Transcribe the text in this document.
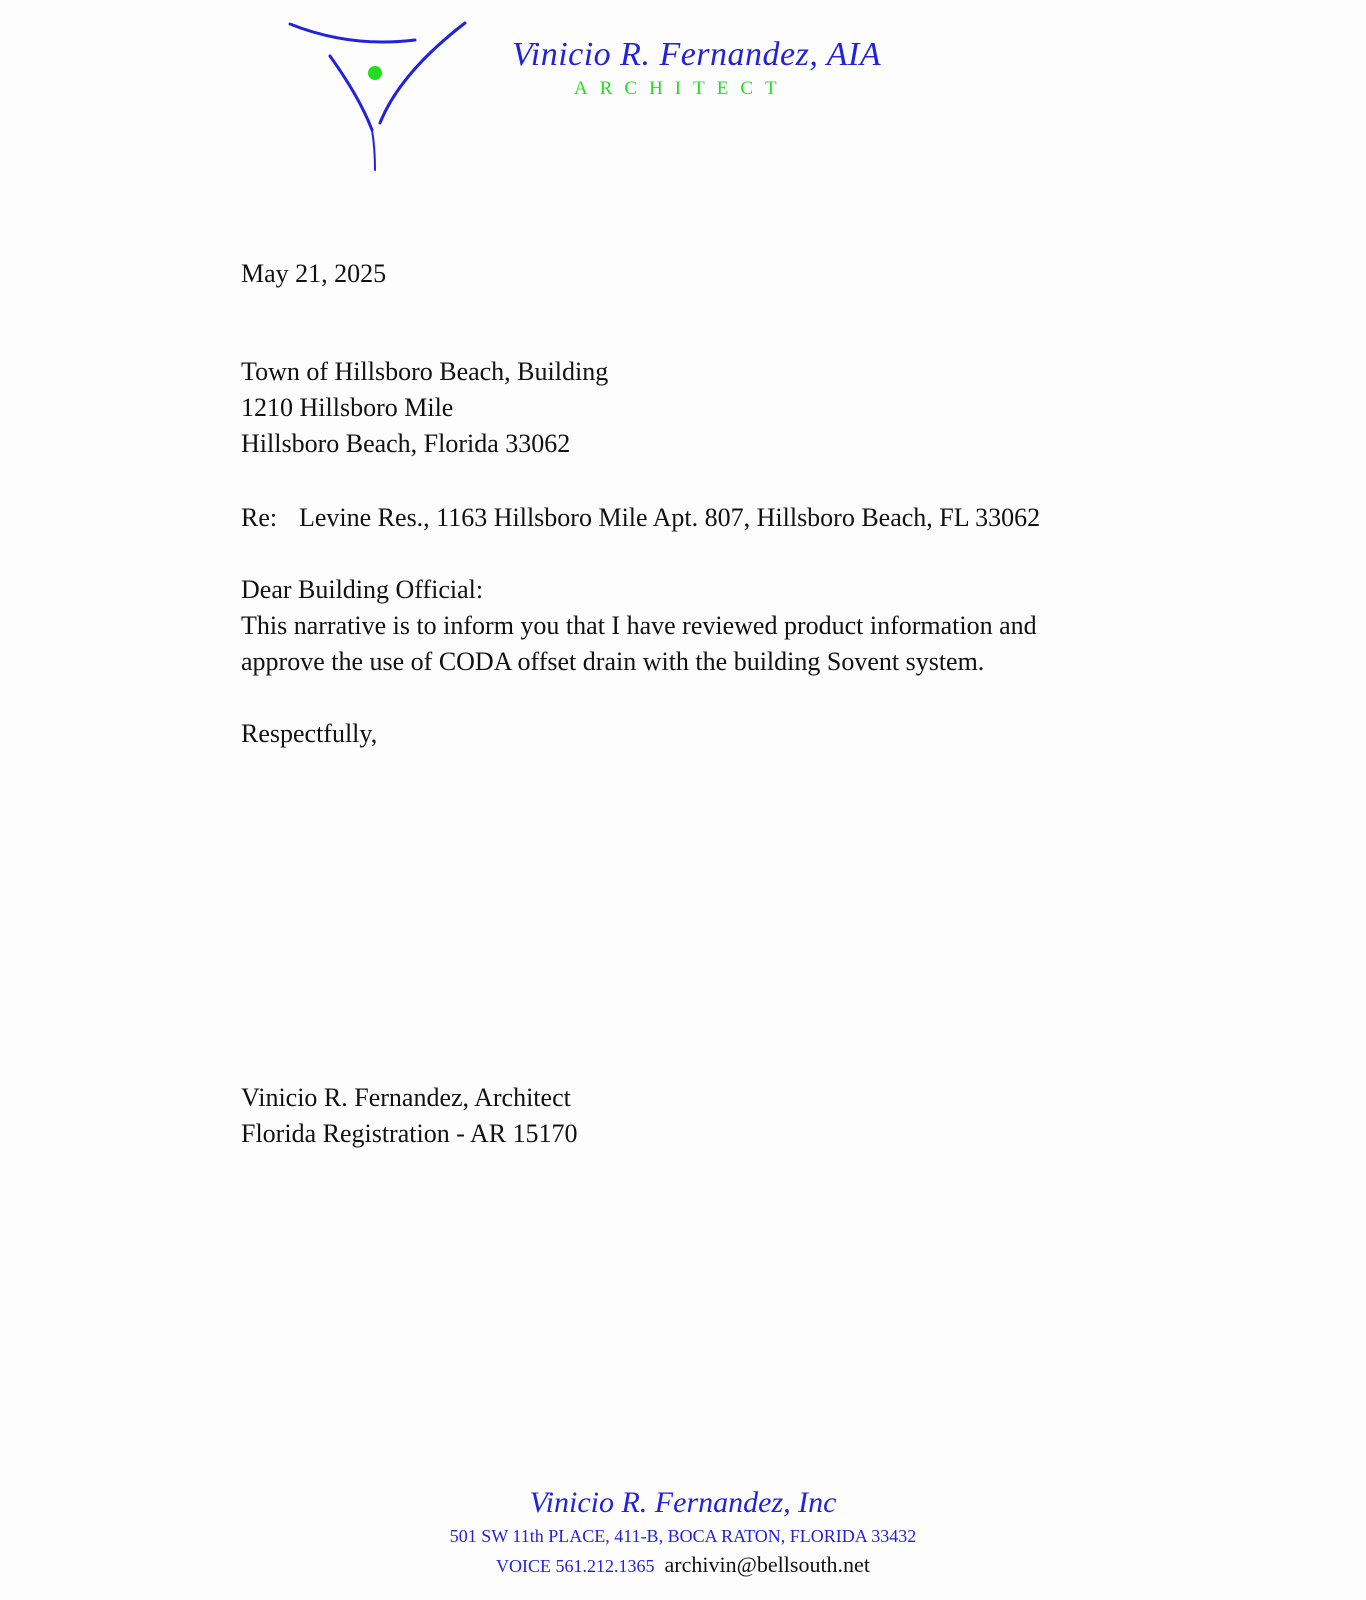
Vinicio R. Fernandez, AIA
ARCHITECT
May 21, 2025
Town of Hillsboro Beach, Building
1210 Hillsboro Mile
Hillsboro Beach, Florida 33062
Re: Levine Res., 1163 Hillsboro Mile Apt. 807, Hillsboro Beach, FL 33062
Dear Building Official:
This narrative is to inform you that I have reviewed product information and
approve the use of CODA offset drain with the building Sovent system.
Respectfully,
Vinicio R. Fernandez, Architect
Florida Registration - AR 15170
Vinicio R. Fernandez, Inc
501 SW 11th PLACE, 411-B, BOCA RATON, FLORIDA 33432
VOICE 561.212.1365 archivin@bellsouth.net
